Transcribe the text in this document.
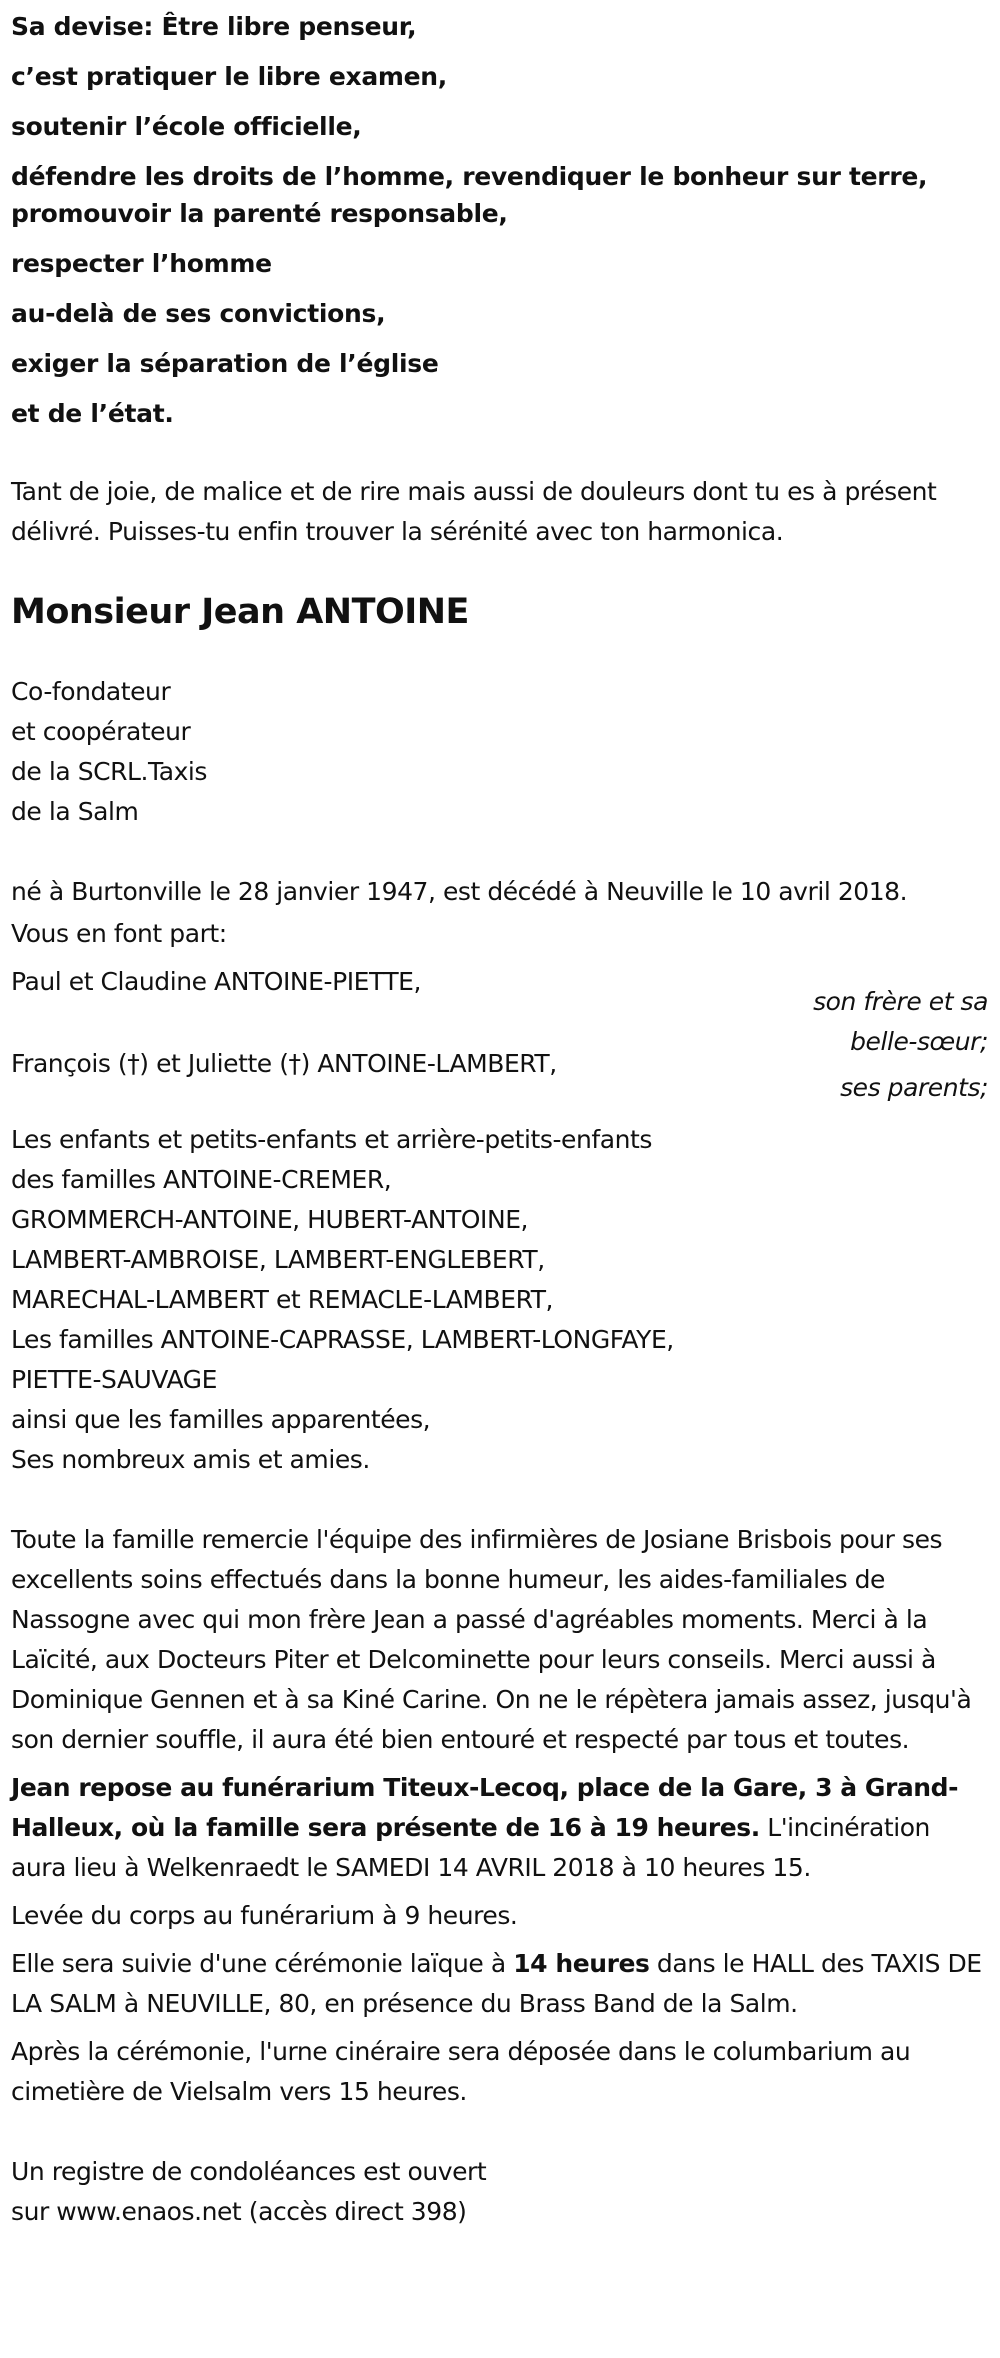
Sa devise: Être libre penseur,

c’est pratiquer le libre examen,

soutenir l’école officielle,

défendre les droits de l’homme, revendiquer le bonheur sur terre,

promouvoir la parenté responsable,

respecter l’homme

au-delà de ses convictions,

exiger la séparation de l’église

et de l’état.

Tant de joie, de malice et de rire mais aussi de douleurs dont tu es à présent délivré. Puisses-tu enfin trouver la sérénité avec ton harmonica.

Monsieur Jean ANTOINE
Co-fondateur
et coopérateur
de la SCRL.Taxis
de la Salm

né à Burtonville le 28 janvier 1947, est décédé à Neuville le 10 avril 2018.

Vous en font part:

Paul et Claudine ANTOINE-PIETTE,
son frère et sa
belle-sœur;
François (†) et Juliette (†) ANTOINE-LAMBERT,
ses parents;
Les enfants et petits-enfants et arrière-petits-enfants
des familles ANTOINE-CREMER,
GROMMERCH-ANTOINE, HUBERT-ANTOINE,
LAMBERT-AMBROISE, LAMBERT-ENGLEBERT,
MARECHAL-LAMBERT et REMACLE-LAMBERT,
Les familles ANTOINE-CAPRASSE, LAMBERT-LONGFAYE,
PIETTE-SAUVAGE
ainsi que les familles apparentées,
Ses nombreux amis et amies.

Toute la famille remercie l'équipe des infirmières de Josiane Brisbois pour ses excellents soins effectués dans la bonne humeur, les aides-familiales de Nassogne avec qui mon frère Jean a passé d'agréables moments. Merci à la Laïcité, aux Docteurs Piter et Delcominette pour leurs conseils. Merci aussi à Dominique Gennen et à sa Kiné Carine. On ne le répètera jamais assez, jusqu'à son dernier souffle, il aura été bien entouré et respecté par tous et toutes.

Jean repose au funérarium Titeux-Lecoq, place de la Gare, 3 à Grand-Halleux, où la famille sera présente de 16 à 19 heures. L'incinération aura lieu à Welkenraedt le SAMEDI 14 AVRIL 2018 à 10 heures 15.

Levée du corps au funérarium à 9 heures.

Elle sera suivie d'une cérémonie laïque à 14 heures dans le HALL des TAXIS DE LA SALM à NEUVILLE, 80, en présence du Brass Band de la Salm.

Après la cérémonie, l'urne cinéraire sera déposée dans le columbarium au cimetière de Vielsalm vers 15 heures.

Un registre de condoléances est ouvert
sur www.enaos.net (accès direct 398)
